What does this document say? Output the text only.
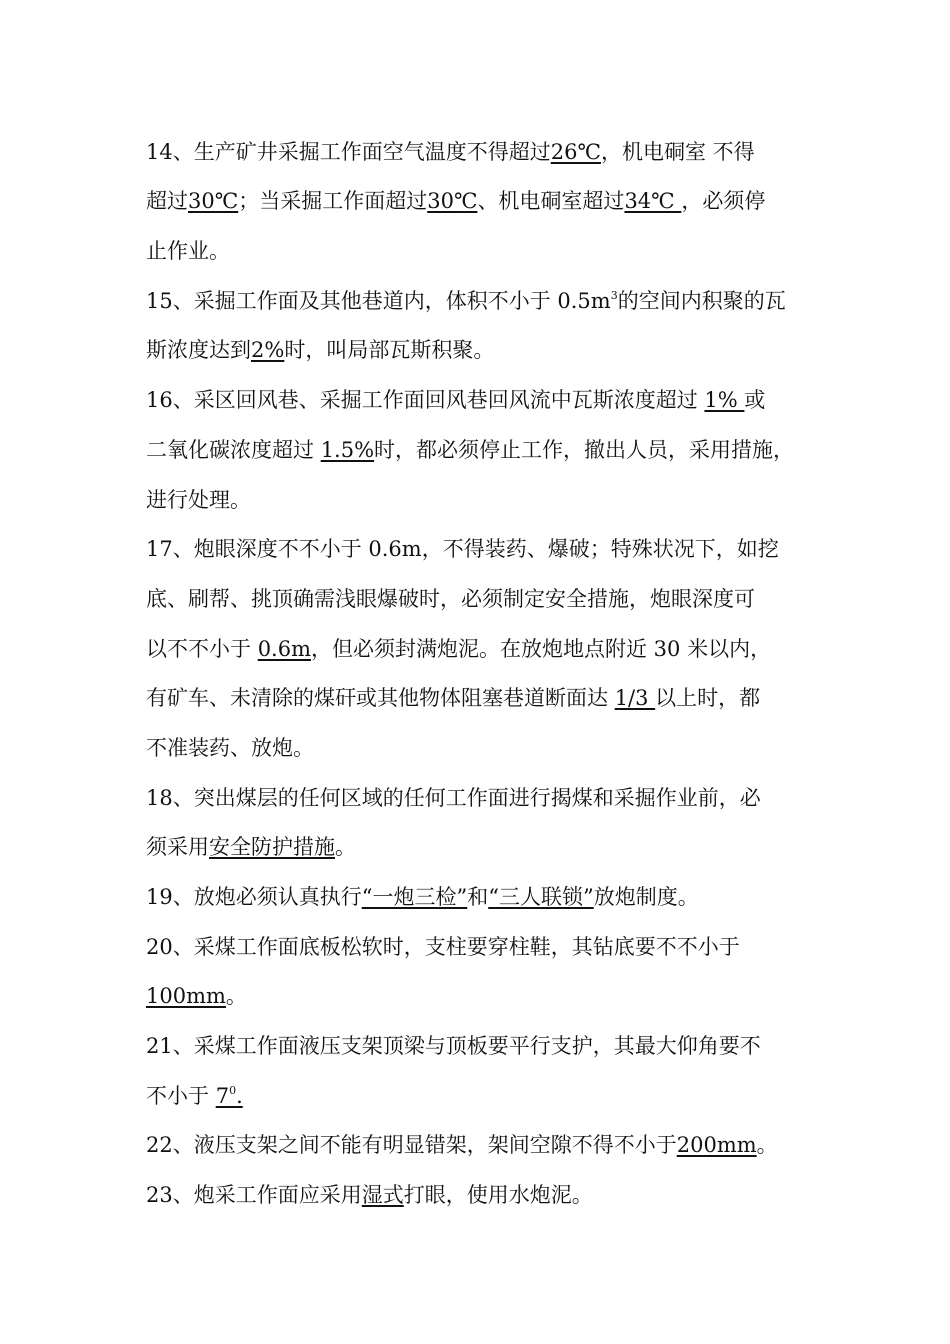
14、生产矿井采掘工作面空气温度不得超过26℃，机电硐室 不得
超过30℃；当采掘工作面超过30℃、机电硐室超过34℃ ，必须停
止作业。
15、采掘工作面及其他巷道内，体积不小于 $0.5m^3$的空间内积聚的瓦
斯浓度达到2%时，叫局部瓦斯积聚。
16、采区回风巷、采掘工作面回风巷回风流中瓦斯浓度超过 1% 或
二氧化碳浓度超过 1.5%时，都必须停止工作，撤出人员，采用措施，
进行处理。
17、炮眼深度不不小于 0.6m，不得装药、爆破；特殊状况下，如挖
底、刷帮、挑顶确需浅眼爆破时，必须制定安全措施，炮眼深度可
以不不小于 0.6m，但必须封满炮泥。在放炮地点附近 30 米以内，
有矿车、未清除的煤矸或其他物体阻塞巷道断面达 1/3 以上时，都
不准装药、放炮。
18、突出煤层的任何区域的任何工作面进行揭煤和采掘作业前，必
须采用安全防护措施。
19、放炮必须认真执行“一炮三检”和“三人联锁”放炮制度。
20、采煤工作面底板松软时，支柱要穿柱鞋，其钻底要不不小于
100mm。
21、采煤工作面液压支架顶梁与顶板要平行支护，其最大仰角要不
不小于 $7^0$.
22、液压支架之间不能有明显错架，架间空隙不得不小于200mm。
23、炮采工作面应采用湿式打眼，使用水炮泥。
